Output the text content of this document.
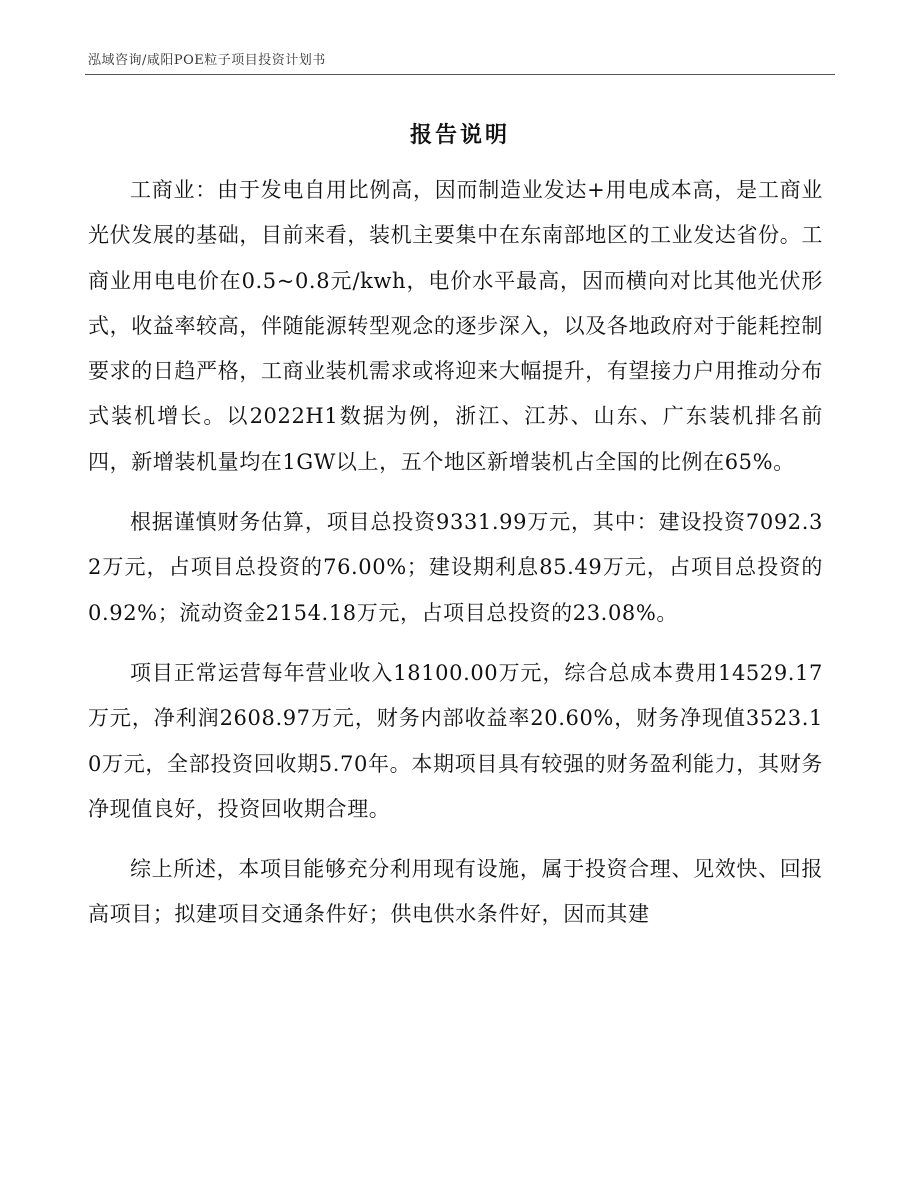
泓域咨询/咸阳POE粒子项目投资计划书
报告说明

工商业：由于发电自用比例高，因而制造业发达+用电成本高，是工商业光伏发展的基础，目前来看，装机主要集中在东南部地区的工业发达省份。工商业用电电价在0.5~0.8元/kwh，电价水平最高，因而横向对比其他光伏形式，收益率较高，伴随能源转型观念的逐步深入，以及各地政府对于能耗控制要求的日趋严格，工商业装机需求或将迎来大幅提升，有望接力户用推动分布式装机增长。以2022H1数据为例，浙江、江苏、山东、广东装机排名前四，新增装机量均在1GW以上，五个地区新增装机占全国的比例在65%。

根据谨慎财务估算，项目总投资9331.99万元，其中：建设投资7092.32万元，占项目总投资的76.00%；建设期利息85.49万元，占项目总投资的0.92%；流动资金2154.18万元，占项目总投资的23.08%。

项目正常运营每年营业收入18100.00万元，综合总成本费用14529.17万元，净利润2608.97万元，财务内部收益率20.60%，财务净现值3523.10万元，全部投资回收期5.70年。本期项目具有较强的财务盈利能力，其财务净现值良好，投资回收期合理。

综上所述，本项目能够充分利用现有设施，属于投资合理、见效快、回报高项目；拟建项目交通条件好；供电供水条件好，因而其建
